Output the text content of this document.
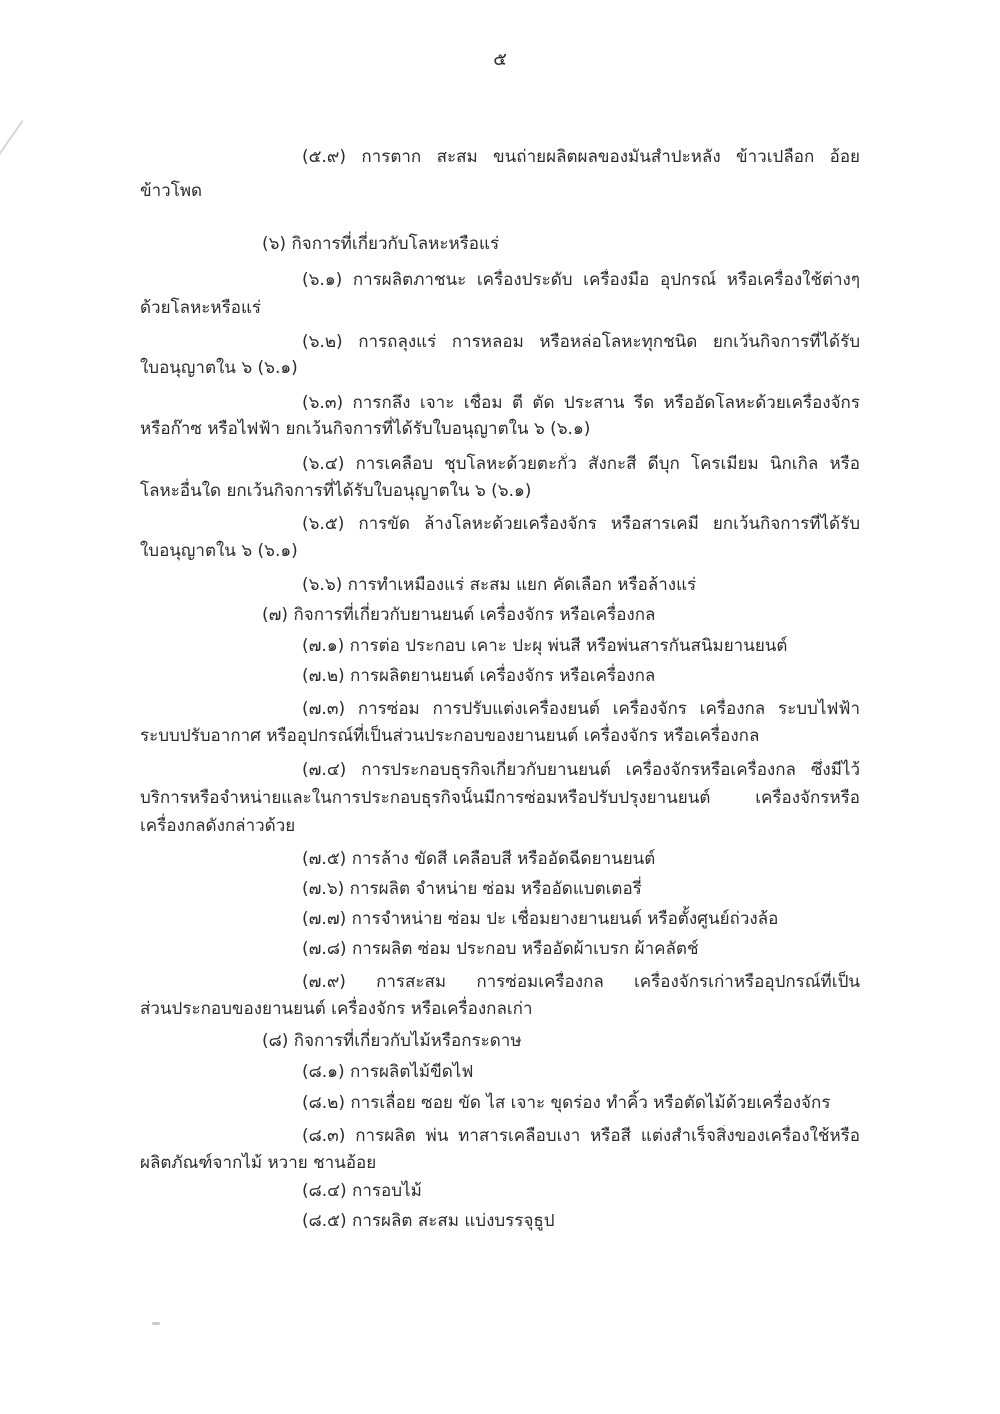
๕
(๕.๙) การตาก สะสม ขนถ่ายผลิตผลของมันสำปะหลัง ข้าวเปลือก อ้อย
ข้าวโพด
(๖) กิจการที่เกี่ยวกับโลหะหรือแร่
(๖.๑) การผลิตภาชนะ เครื่องประดับ เครื่องมือ อุปกรณ์ หรือเครื่องใช้ต่างๆ
ด้วยโลหะหรือแร่
(๖.๒) การถลุงแร่ การหลอม หรือหล่อโลหะทุกชนิด ยกเว้นกิจการที่ได้รับ
ใบอนุญาตใน ๖ (๖.๑)
(๖.๓) การกลึง เจาะ เชื่อม ตี ตัด ประสาน รีด หรืออัดโลหะด้วยเครื่องจักร
หรือก๊าซ หรือไฟฟ้า ยกเว้นกิจการที่ได้รับใบอนุญาตใน ๖ (๖.๑)
(๖.๔) การเคลือบ ชุบโลหะด้วยตะกั่ว สังกะสี ดีบุก โครเมียม นิกเกิล หรือ
โลหะอื่นใด ยกเว้นกิจการที่ได้รับใบอนุญาตใน ๖ (๖.๑)
(๖.๕) การขัด ล้างโลหะด้วยเครื่องจักร หรือสารเคมี ยกเว้นกิจการที่ได้รับ
ใบอนุญาตใน ๖ (๖.๑)
(๖.๖) การทำเหมืองแร่ สะสม แยก คัดเลือก หรือล้างแร่
(๗) กิจการที่เกี่ยวกับยานยนต์ เครื่องจักร หรือเครื่องกล
(๗.๑) การต่อ ประกอบ เคาะ ปะผุ พ่นสี หรือพ่นสารกันสนิมยานยนต์
(๗.๒) การผลิตยานยนต์ เครื่องจักร หรือเครื่องกล
(๗.๓) การซ่อม การปรับแต่งเครื่องยนต์ เครื่องจักร เครื่องกล ระบบไฟฟ้า
ระบบปรับอากาศ หรืออุปกรณ์ที่เป็นส่วนประกอบของยานยนต์ เครื่องจักร หรือเครื่องกล
(๗.๔) การประกอบธุรกิจเกี่ยวกับยานยนต์ เครื่องจักรหรือเครื่องกล ซึ่งมีไว้
บริการหรือจำหน่ายและในการประกอบธุรกิจนั้นมีการซ่อมหรือปรับปรุงยานยนต์ เครื่องจักรหรือ
เครื่องกลดังกล่าวด้วย
(๗.๕) การล้าง ขัดสี เคลือบสี หรืออัดฉีดยานยนต์
(๗.๖) การผลิต จำหน่าย ซ่อม หรืออัดแบตเตอรี่
(๗.๗) การจำหน่าย ซ่อม ปะ เชื่อมยางยานยนต์ หรือตั้งศูนย์ถ่วงล้อ
(๗.๘) การผลิต ซ่อม ประกอบ หรืออัดผ้าเบรก ผ้าคลัตช์
(๗.๙) การสะสม การซ่อมเครื่องกล เครื่องจักรเก่าหรืออุปกรณ์ที่เป็น
ส่วนประกอบของยานยนต์ เครื่องจักร หรือเครื่องกลเก่า
(๘) กิจการที่เกี่ยวกับไม้หรือกระดาษ
(๘.๑) การผลิตไม้ขีดไฟ
(๘.๒) การเลื่อย ซอย ขัด ไส เจาะ ขุดร่อง ทำคิ้ว หรือตัดไม้ด้วยเครื่องจักร
(๘.๓) การผลิต พ่น ทาสารเคลือบเงา หรือสี แต่งสำเร็จสิ่งของเครื่องใช้หรือ
ผลิตภัณฑ์จากไม้ หวาย ชานอ้อย
(๘.๔) การอบไม้
(๘.๕) การผลิต สะสม แบ่งบรรจุธูป
